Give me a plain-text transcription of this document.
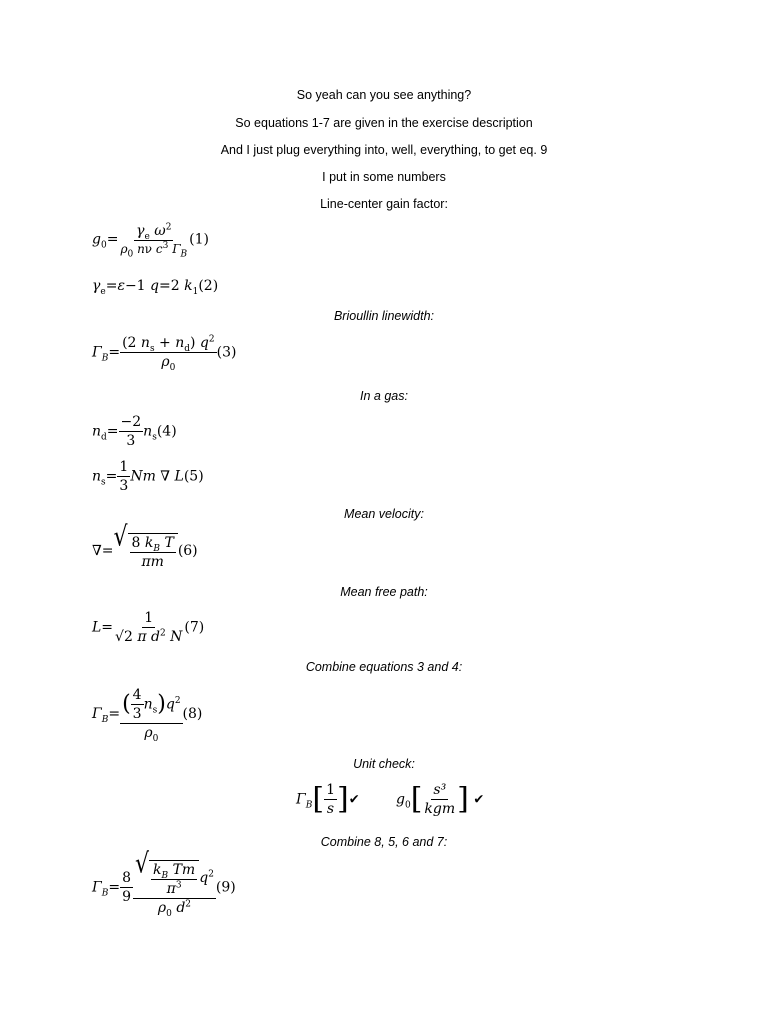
So yeah can you see anything?
So equations 1-7 are given in the exercise description
And I just plug everything into, well, everything, to get eq. 9
I put in some numbers
Line-center gain factor:
$g_0= \frac{\gamma_e \omega^2}{\rho_0 n\nu c^3 \Gamma_B} (1)$
$\gamma_e=\varepsilon-1$ q=2 $k_1(2)$
Brioullin linewidth:
$\Gamma_B= \frac{(2 n_s + n_d) q^2}{\rho_0} (3)$
In a gas:
$n_d= \frac{-2}{3} n_s(4)$
$n_s= \frac{1}{3}$ Nm ∇ L(5)
Mean velocity:
∇= √ $\frac{8 k_B T}{\pi m} (6)$
Mean free path:
$L= \frac{1}{√2 \pi d^2 N} (7)$
Combine equations 3 and 4:
$\Gamma_B= \frac{( \frac{4}{3} n_s)q^2}{\rho_0} (8)$
Unit check:
$\Gamma_B[ \frac{1}{s}$ ]✔	$g_0[ \frac{\text{s³}}{\text{kgm}}$ ] ✔
Combine 8, 5, 6 and 7:
$\Gamma_B= \frac{8}{9} \frac{√ \frac{k_B Tm}{\pi^3} q^2}{\rho_0 d^2} (9)$
